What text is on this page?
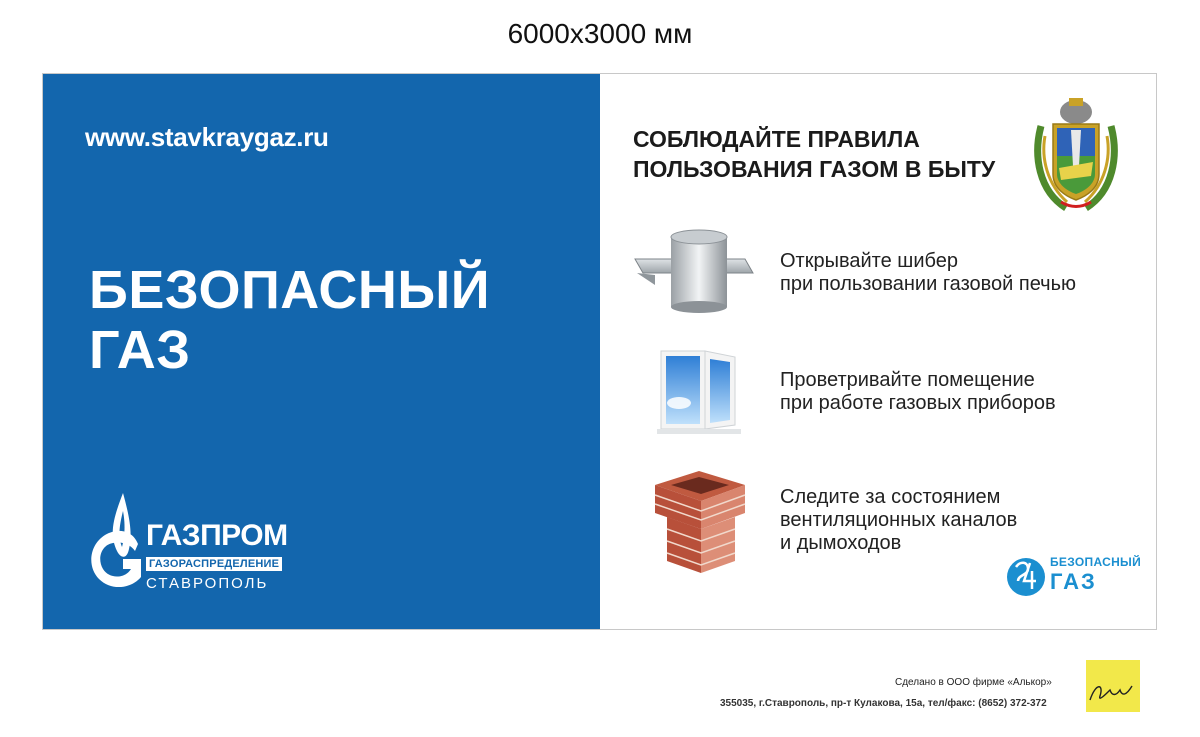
6000x3000 мм
www.stavkraygaz.ru
БЕЗОПАСНЫЙ
ГАЗ
ГАЗПРОМ
ГАЗОРАСПРЕДЕЛЕНИЕ
СТАВРОПОЛЬ
СОБЛЮДАЙТЕ ПРАВИЛА
ПОЛЬЗОВАНИЯ ГАЗОМ В БЫТУ
Открывайте шибер
при пользовании газовой печью
Проветривайте помещение
при работе газовых приборов
Следите за состоянием
вентиляционных каналов
и дымоходов
БЕЗОПАСНЫЙ
ГАЗ
Сделано в ООО фирме «Алькор»
355035, г.Ставрополь, пр-т Кулакова, 15а, тел/факс: (8652) 372-372
